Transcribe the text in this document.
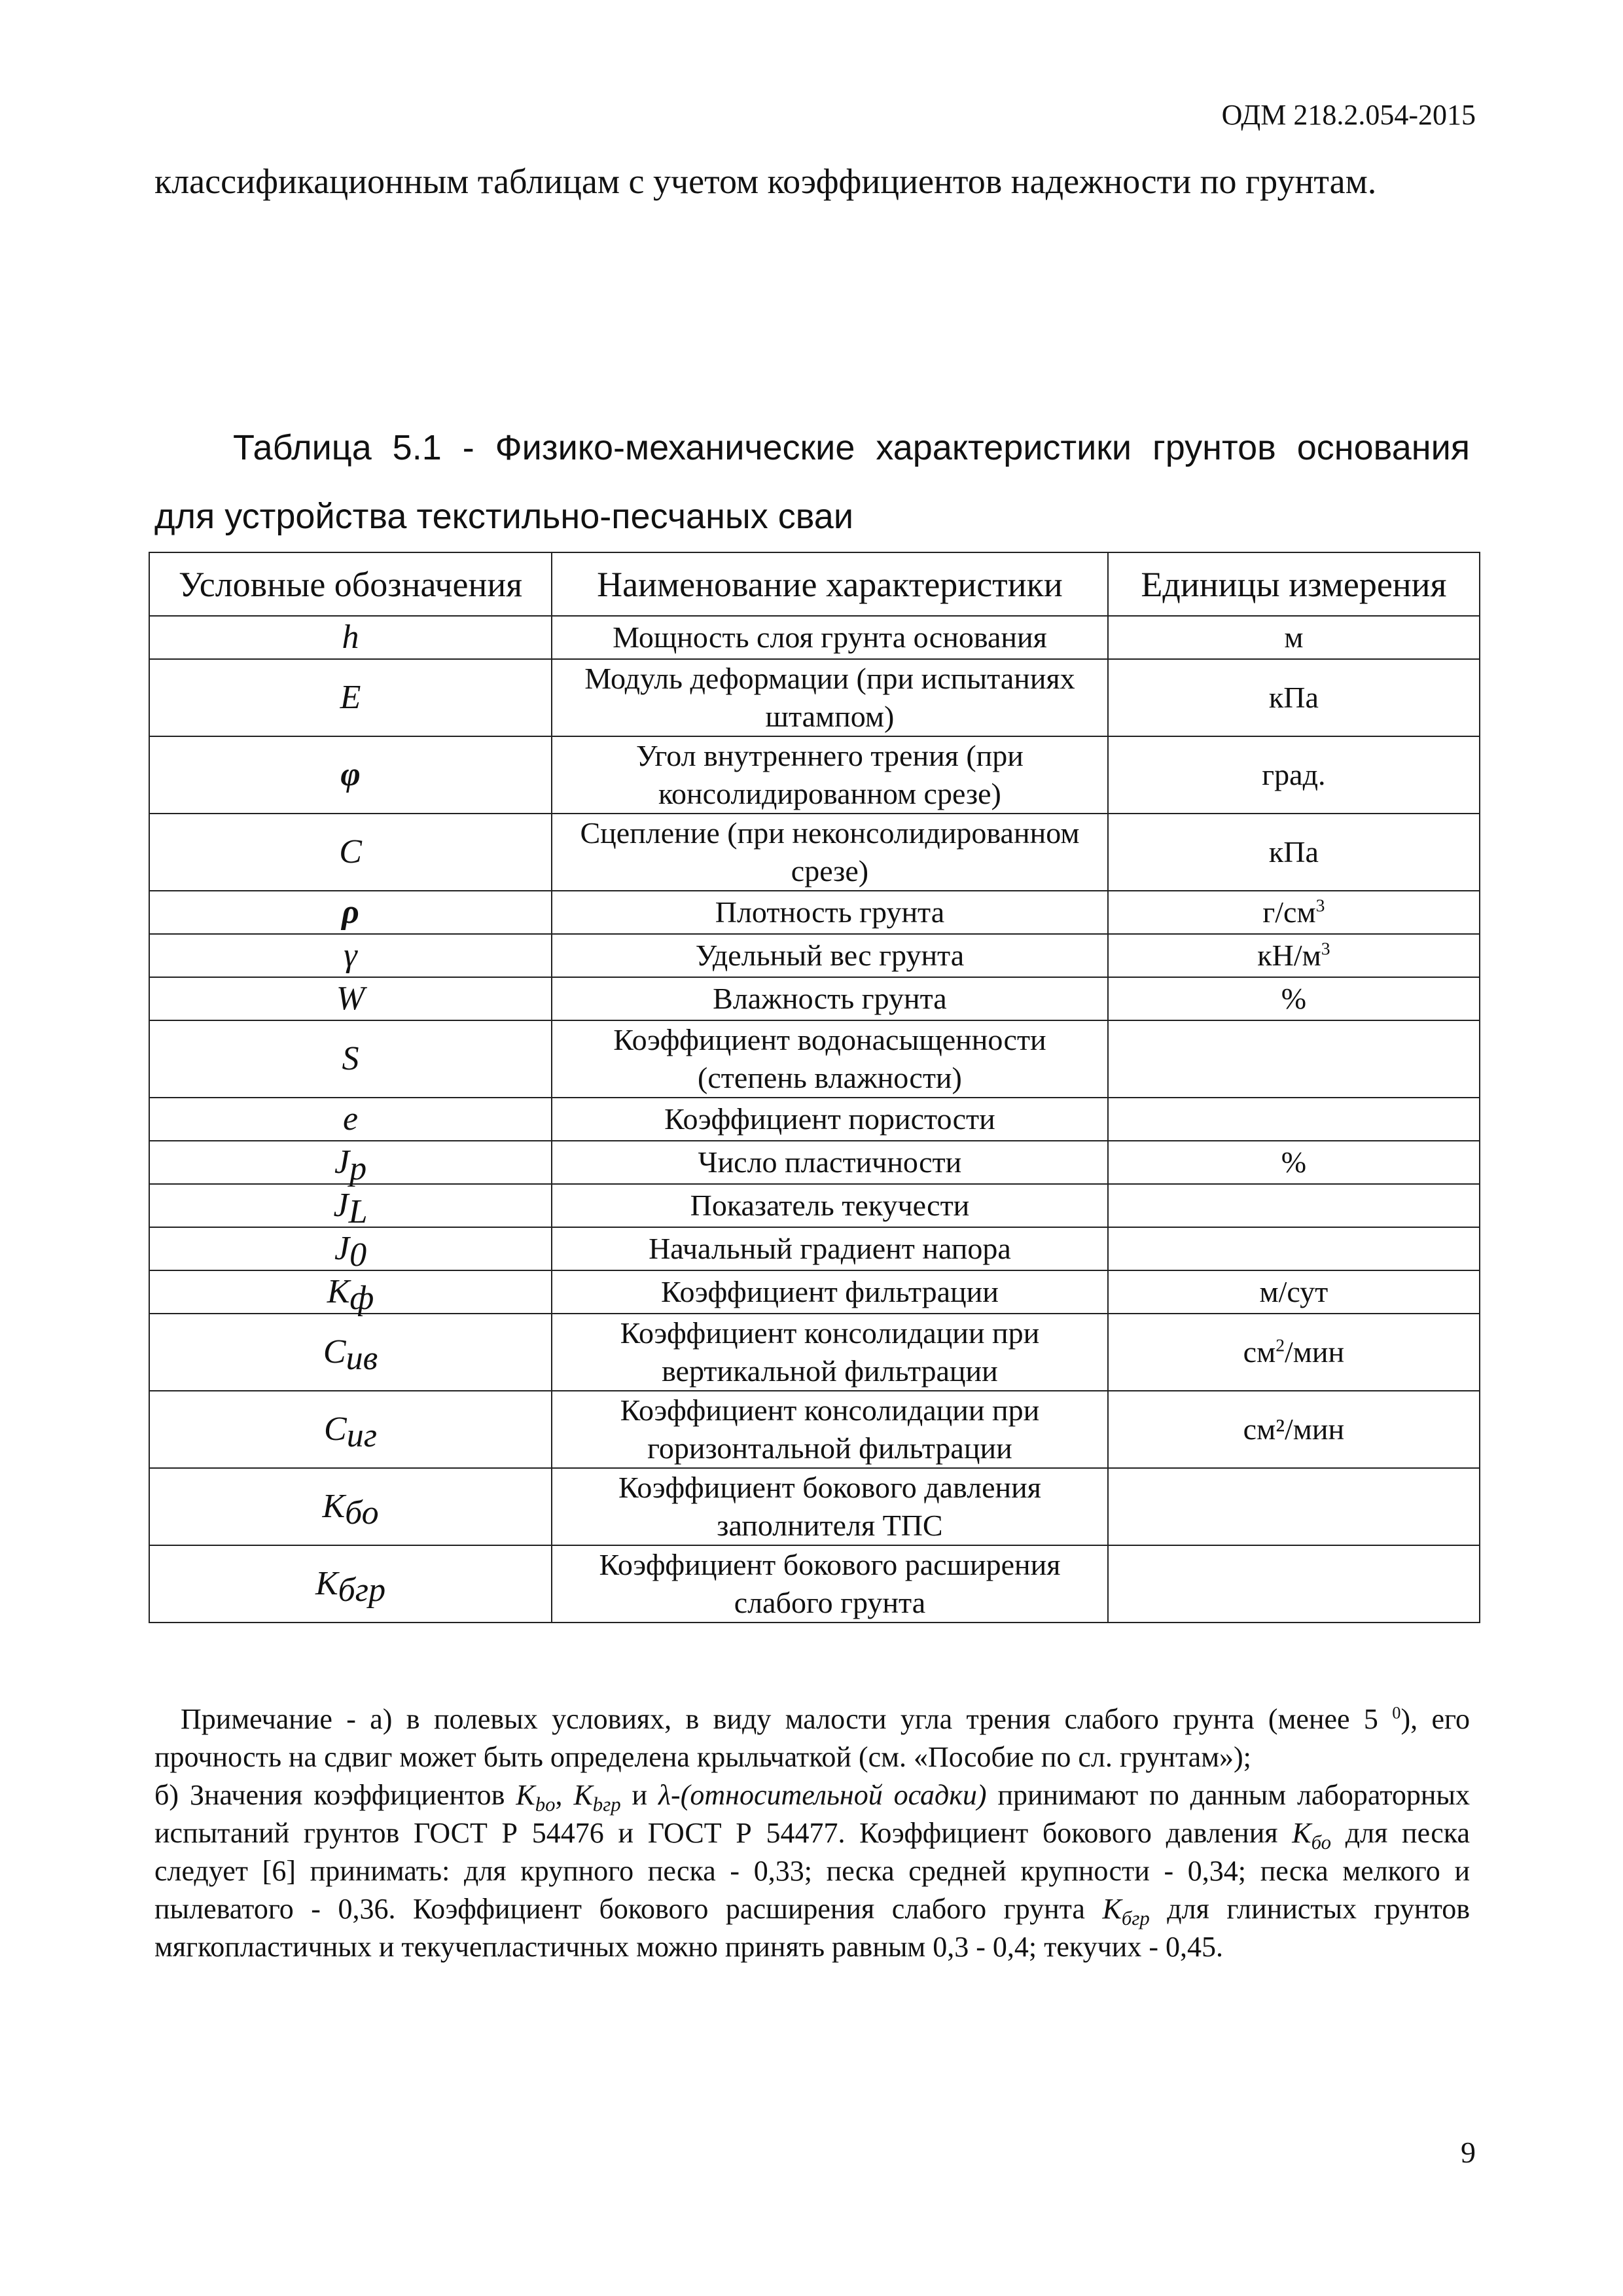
ОДМ 218.2.054-2015
классификационным таблицам с учетом коэффициентов надежности по грунтам.
Таблица 5.1 - Физико-механические характеристики грунтов основания для устройства текстильно-песчаных сваи
Условные обозначения	Наименование характеристики	Единицы измерения
h	Мощность слоя грунта основания	м
E	Модуль деформации (при испытаниях штампом)	кПа
φ	Угол внутреннего трения (при консолидированном срезе)	град.
C	Сцепление (при неконсолидированном срезе)	кПа
ρ	Плотность грунта	$г/см^3$
γ	Удельный вес грунта	$кН/м^3$
W	Влажность грунта	%
S	Коэффициент водонасыщенности (степень влажности)	
e	Коэффициент пористости	
$J_p$	Число пластичности	%
$J_L$	Показатель текучести	
$J_0$	Начальный градиент напора	
$K_ф$	Коэффициент фильтрации	м/сут
$C_{ив}$	Коэффициент консолидации при вертикальной фильтрации	$см^2$/мин
$C_{иг}$	Коэффициент консолидации при горизонтальной фильтрации	см²/мин
$K_{бо}$	Коэффициент бокового давления заполнителя ТПС	
$K_{бгр}$	Коэффициент бокового расширения слабого грунта	

Примечание - а) в полевых условиях, в виду малости угла трения слабого грунта (менее 5 $^0$), его прочность на сдвиг может быть определена крыльчаткой (см. «Пособие по сл. грунтам»);

б) Значения коэффициентов $K_{bo}$, $K_{bгр}$ и λ-(относительной осадки) принимают по данным лабораторных испытаний грунтов ГОСТ Р 54476 и ГОСТ Р 54477. Коэффициент бокового давления $K_{бо}$ для песка следует [6] принимать: для крупного песка - 0,33; песка средней крупности - 0,34; песка мелкого и пылеватого - 0,36. Коэффициент бокового расширения слабого грунта $K_{бгр}$ для глинистых грунтов мягкопластичных и текучепластичных можно принять равным 0,3 - 0,4; текучих - 0,45.

9
